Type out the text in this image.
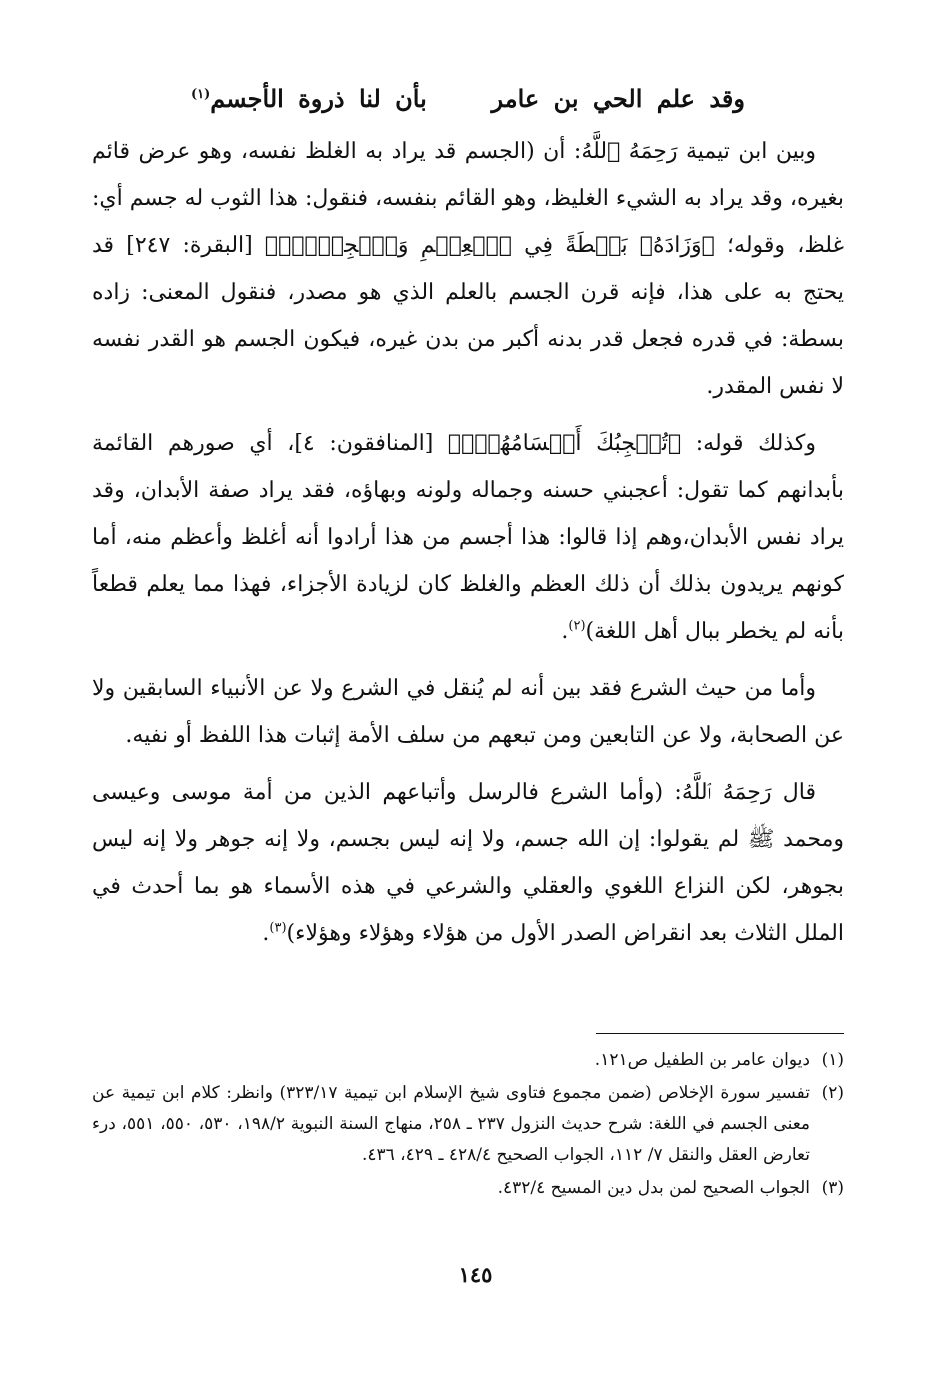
وقد علم الحي بن عامر  بأن لنا ذروة الأجسم$^{(١)}$

وبين ابن تيمية رَحِمَهُ ٱللَّهُ: أن (الجسم قد يراد به الغلظ نفسه، وهو عرض قائم بغيره، وقد يراد به الشيء الغليظ، وهو القائم بنفسه، فنقول: هذا الثوب له جسم أي: غلظ، وقوله؛ ﴿وَزَادَهُۥ بَسۡطَةً فِي ٱلۡعِلۡمِ وَٱلۡجِسۡمِۖ﴾ [البقرة: ٢٤٧] قد يحتج به على هذا، فإنه قرن الجسم بالعلم الذي هو مصدر، فنقول المعنى: زاده بسطة: في قدره فجعل قدر بدنه أكبر من بدن غيره، فيكون الجسم هو القدر نفسه لا نفس المقدر.

وكذلك قوله: ﴿تُعۡجِبُكَ أَجۡسَامُهُمۡۖ﴾ [المنافقون: ٤]، أي صورهم القائمة بأبدانهم كما تقول: أعجبني حسنه وجماله ولونه وبهاؤه، فقد يراد صفة الأبدان، وقد يراد نفس الأبدان،وهم إذا قالوا: هذا أجسم من هذا أرادوا أنه أغلظ وأعظم منه، أما كونهم يريدون بذلك أن ذلك العظم والغلظ كان لزيادة الأجزاء، فهذا مما يعلم قطعاً بأنه لم يخطر ببال أهل اللغة)$^{(٢)}$.

وأما من حيث الشرع فقد بين أنه لم يُنقل في الشرع ولا عن الأنبياء السابقين ولا عن الصحابة، ولا عن التابعين ومن تبعهم من سلف الأمة إثبات هذا اللفظ أو نفيه.

قال رَحِمَهُ ٱللَّهُ: (وأما الشرع فالرسل وأتباعهم الذين من أمة موسى وعيسى ومحمد ﷺ لم يقولوا: إن الله جسم، ولا إنه ليس بجسم، ولا إنه جوهر ولا إنه ليس بجوهر، لكن النزاع اللغوي والعقلي والشرعي في هذه الأسماء هو بما أحدث في الملل الثلاث بعد انقراض الصدر الأول من هؤلاء وهؤلاء وهؤلاء)$^{(٣)}$.

(١)
ديوان عامر بن الطفيل ص١٢١.
(٢)
تفسير سورة الإخلاص (ضمن مجموع فتاوى شيخ الإسلام ابن تيمية ٣٢٣/١٧) وانظر: كلام ابن تيمية عن معنى الجسم في اللغة: شرح حديث النزول ٢٣٧ ـ ٢٥٨، منهاج السنة النبوية ١٩٨/٢، ٥٣٠، ٥٥٠، ٥٥١، درء تعارض العقل والنقل ٧/ ١١٢، الجواب الصحيح ٤٢٨/٤ ـ ٤٢٩، ٤٣٦.
(٣)
الجواب الصحيح لمن بدل دين المسيح ٤٣٢/٤.
١٤٥
